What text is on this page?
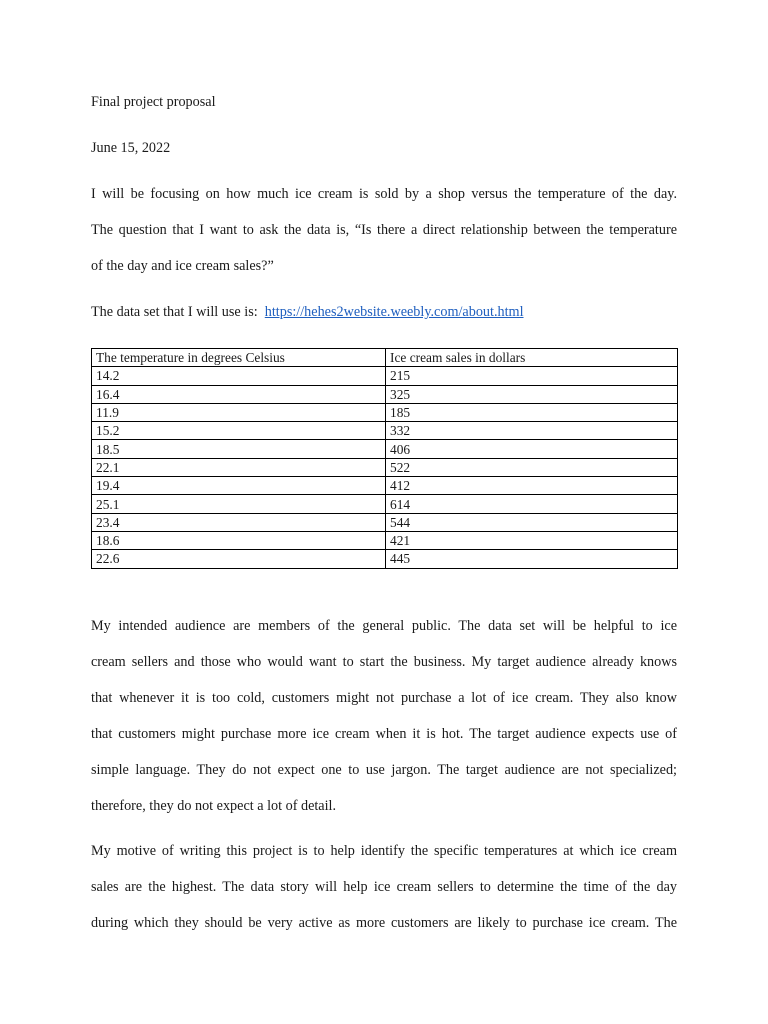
Final project proposal
June 15, 2022
I will be focusing on how much ice cream is sold by a shop versus the temperature of the day.
The question that I want to ask the data is, “Is there a direct relationship between the temperature
of the day and ice cream sales?”
The data set that I will use is: https://hehes2website.weebly.com/about.html
The temperature in degrees Celsius	Ice cream sales in dollars
14.2	215
16.4	325
11.9	185
15.2	332
18.5	406
22.1	522
19.4	412
25.1	614
23.4	544
18.6	421
22.6	445
My intended audience are members of the general public. The data set will be helpful to ice
cream sellers and those who would want to start the business. My target audience already knows
that whenever it is too cold, customers might not purchase a lot of ice cream. They also know
that customers might purchase more ice cream when it is hot. The target audience expects use of
simple language. They do not expect one to use jargon. The target audience are not specialized;
therefore, they do not expect a lot of detail.
My motive of writing this project is to help identify the specific temperatures at which ice cream
sales are the highest. The data story will help ice cream sellers to determine the time of the day
during which they should be very active as more customers are likely to purchase ice cream. The
